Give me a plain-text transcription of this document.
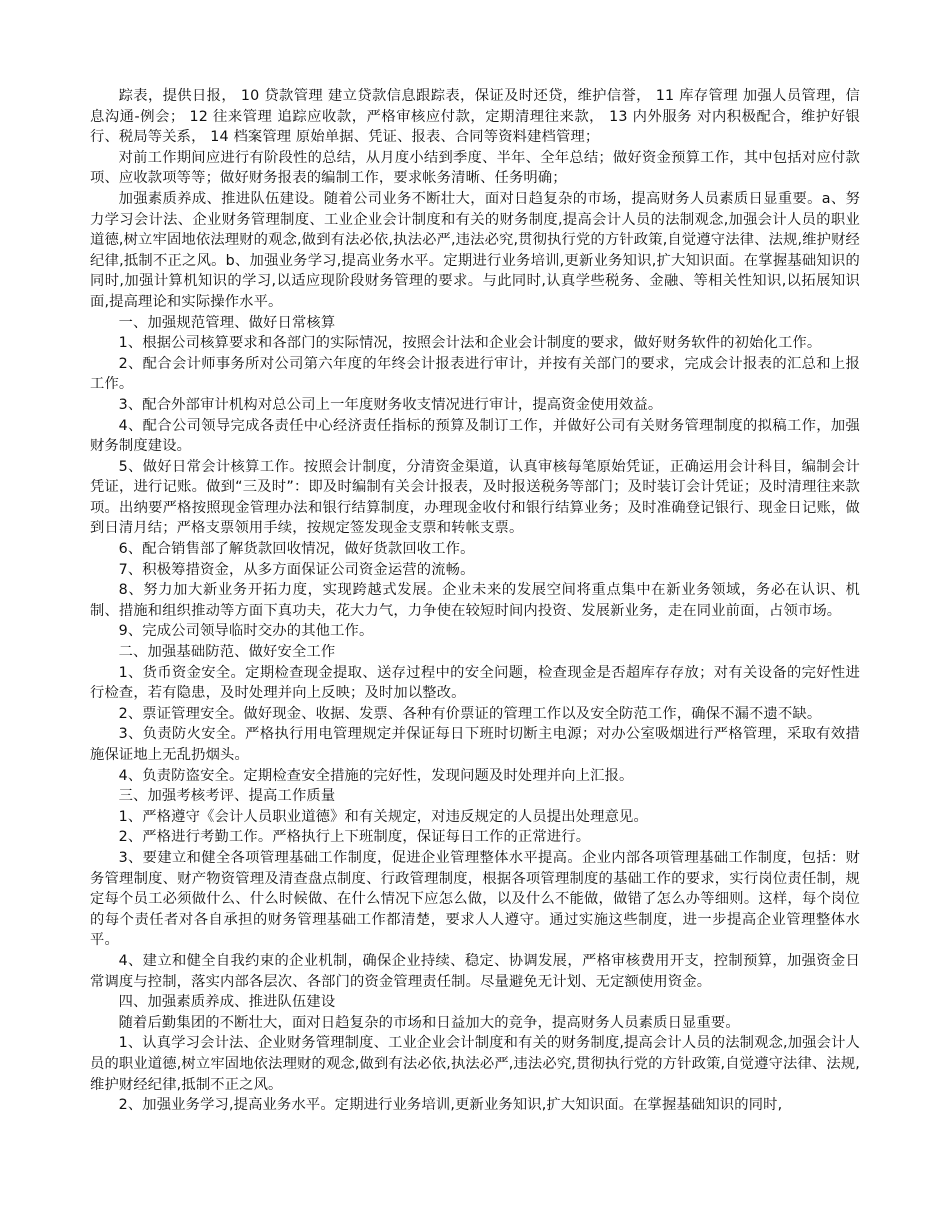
踪表，提供日报， 10 贷款管理 建立贷款信息跟踪表，保证及时还贷，维护信誉， 11 库存管理 加强人员管理，信息沟通-例会； 12 往来管理 追踪应收款，严格审核应付款，定期清理往来款， 13 内外服务 对内积极配合，维护好银行、税局等关系， 14 档案管理 原始单据、凭证、报表、合同等资料建档管理；

对前工作期间应进行有阶段性的总结，从月度小结到季度、半年、全年总结；做好资金预算工作，其中包括对应付款项、应收款项等等；做好财务报表的编制工作，要求帐务清晰、任务明确；

加强素质养成、推进队伍建设。随着公司业务不断壮大，面对日趋复杂的市场，提高财务人员素质日显重要。a、努力学习会计法、企业财务管理制度、工业企业会计制度和有关的财务制度,提高会计人员的法制观念,加强会计人员的职业道德,树立牢固地依法理财的观念,做到有法必依,执法必严,违法必究,贯彻执行党的方针政策,自觉遵守法律、法规,维护财经纪律,抵制不正之风。b、加强业务学习,提高业务水平。定期进行业务培训,更新业务知识,扩大知识面。在掌握基础知识的同时,加强计算机知识的学习,以适应现阶段财务管理的要求。与此同时,认真学些税务、金融、等相关性知识,以拓展知识面,提高理论和实际操作水平。

一、加强规范管理、做好日常核算

1、根据公司核算要求和各部门的实际情况，按照会计法和企业会计制度的要求，做好财务软件的初始化工作。

2、配合会计师事务所对公司第六年度的年终会计报表进行审计，并按有关部门的要求，完成会计报表的汇总和上报工作。

3、配合外部审计机构对总公司上一年度财务收支情况进行审计，提高资金使用效益。

4、配合公司领导完成各责任中心经济责任指标的预算及制订工作，并做好公司有关财务管理制度的拟稿工作，加强财务制度建设。

5、做好日常会计核算工作。按照会计制度，分清资金渠道，认真审核每笔原始凭证，正确运用会计科目，编制会计凭证，进行记账。做到“三及时”：即及时编制有关会计报表，及时报送税务等部门；及时装订会计凭证；及时清理往来款项。出纳要严格按照现金管理办法和银行结算制度，办理现金收付和银行结算业务；及时准确登记银行、现金日记账，做到日清月结；严格支票领用手续，按规定签发现金支票和转帐支票。

6、配合销售部了解货款回收情况，做好货款回收工作。

7、积极筹措资金，从多方面保证公司资金运营的流畅。

8、努力加大新业务开拓力度，实现跨越式发展。企业未来的发展空间将重点集中在新业务领域，务必在认识、机制、措施和组织推动等方面下真功夫，花大力气，力争使在较短时间内投资、发展新业务，走在同业前面，占领市场。

9、完成公司领导临时交办的其他工作。

二、加强基础防范、做好安全工作

1、货币资金安全。定期检查现金提取、送存过程中的安全问题，检查现金是否超库存存放；对有关设备的完好性进行检查，若有隐患，及时处理并向上反映；及时加以整改。

2、票证管理安全。做好现金、收据、发票、各种有价票证的管理工作以及安全防范工作，确保不漏不遗不缺。

3、负责防火安全。严格执行用电管理规定并保证每日下班时切断主电源；对办公室吸烟进行严格管理，采取有效措施保证地上无乱扔烟头。

4、负责防盗安全。定期检查安全措施的完好性，发现问题及时处理并向上汇报。

三、加强考核考评、提高工作质量

1、严格遵守《会计人员职业道德》和有关规定，对违反规定的人员提出处理意见。

2、严格进行考勤工作。严格执行上下班制度，保证每日工作的正常进行。

3、要建立和健全各项管理基础工作制度，促进企业管理整体水平提高。企业内部各项管理基础工作制度，包括：财务管理制度、财产物资管理及清查盘点制度、行政管理制度，根据各项管理制度的基础工作的要求，实行岗位责任制，规定每个员工必须做什么、什么时候做、在什么情况下应怎么做，以及什么不能做，做错了怎么办等细则。这样，每个岗位的每个责任者对各自承担的财务管理基础工作都清楚，要求人人遵守。通过实施这些制度，进一步提高企业管理整体水平。

4、建立和健全自我约束的企业机制，确保企业持续、稳定、协调发展，严格审核费用开支，控制预算，加强资金日常调度与控制，落实内部各层次、各部门的资金管理责任制。尽量避免无计划、无定额使用资金。

四、加强素质养成、推进队伍建设

随着后勤集团的不断壮大，面对日趋复杂的市场和日益加大的竞争，提高财务人员素质日显重要。

1、认真学习会计法、企业财务管理制度、工业企业会计制度和有关的财务制度,提高会计人员的法制观念,加强会计人员的职业道德,树立牢固地依法理财的观念,做到有法必依,执法必严,违法必究,贯彻执行党的方针政策,自觉遵守法律、法规,维护财经纪律,抵制不正之风。

2、加强业务学习,提高业务水平。定期进行业务培训,更新业务知识,扩大知识面。在掌握基础知识的同时,
